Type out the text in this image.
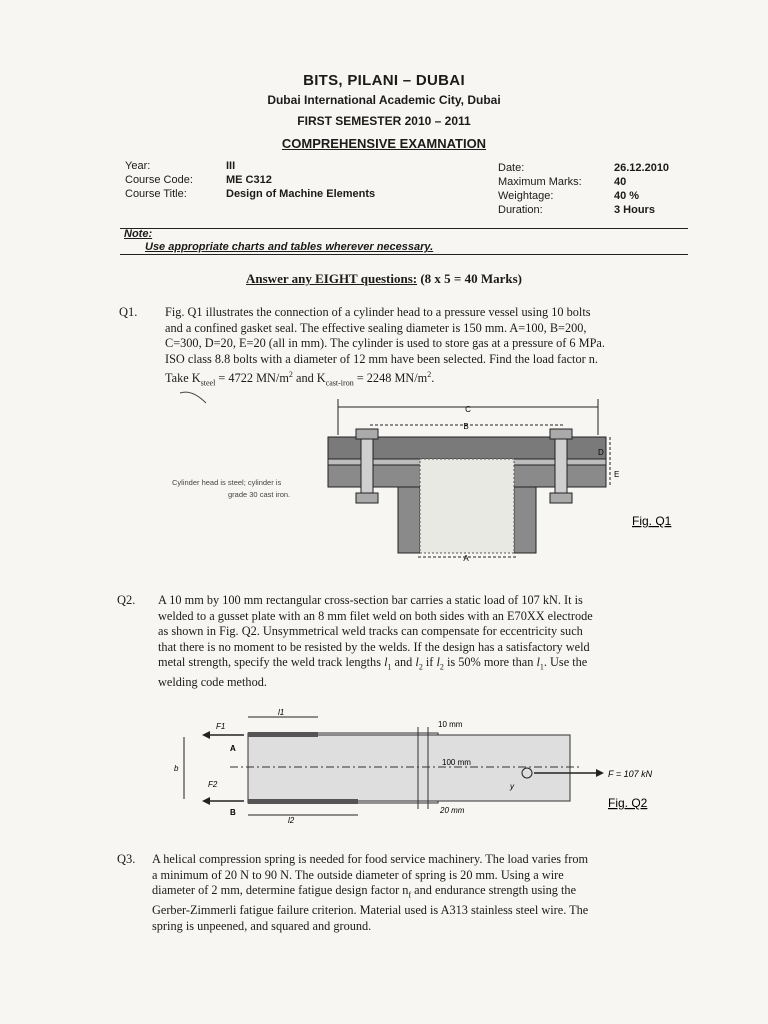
BITS, PILANI – DUBAI
Dubai International Academic City, Dubai
FIRST SEMESTER 2010 – 2011
COMPREHENSIVE EXAMNATION
Year:	III
Course Code:	ME C312
Course Title:	Design of Machine Elements
Date:	26.12.2010
Maximum Marks:	40
Weightage:	40 %
Duration:	3 Hours
Note:
Use appropriate charts and tables wherever necessary.
Answer any EIGHT questions: (8 x 5 = 40 Marks)
Q1. Fig. Q1 illustrates the connection of a cylinder head to a pressure vessel using 10 bolts
and a confined gasket seal. The effective sealing diameter is 150 mm. A=100, B=200,
C=300, D=20, E=20 (all in mm). The cylinder is used to store gas at a pressure of 6 MPa.
ISO class 8.8 bolts with a diameter of 12 mm have been selected. Find the load factor n.
Take $K_{steel} = 4722$ $MN/m^2$ and $K_{cast-iron} = 2248$ $MN/m^2$.
C
B
D
E
A
Cylinder head is steel; cylinder is
grade 30 cast iron.
Fig. Q1
Q2. A 10 mm by 100 mm rectangular cross-section bar carries a static load of 107 kN. It is
welded to a gusset plate with an 8 mm filet weld on both sides with an E70XX electrode
as shown in Fig. Q2. Unsymmetrical weld tracks can compensate for eccentricity such
that there is no moment to be resisted by the welds. If the design has a satisfactory weld
metal strength, specify the weld track lengths $l_1$ and $l_2$ if $l_2$ is 50% more than $l_1$. Use the
welding code method.
F = 107 kN
F1
F2
A
B
b
l1
l2
10 mm
100 mm
20 mm
y
Fig. Q2
Q3. A helical compression spring is needed for food service machinery. The load varies from
a minimum of 20 N to 90 N. The outside diameter of spring is 20 mm. Using a wire
diameter of 2 mm, determine fatigue design factor $n_f$ and endurance strength using the
Gerber-Zimmerli fatigue failure criterion. Material used is A313 stainless steel wire. The
spring is unpeened, and squared and ground.
